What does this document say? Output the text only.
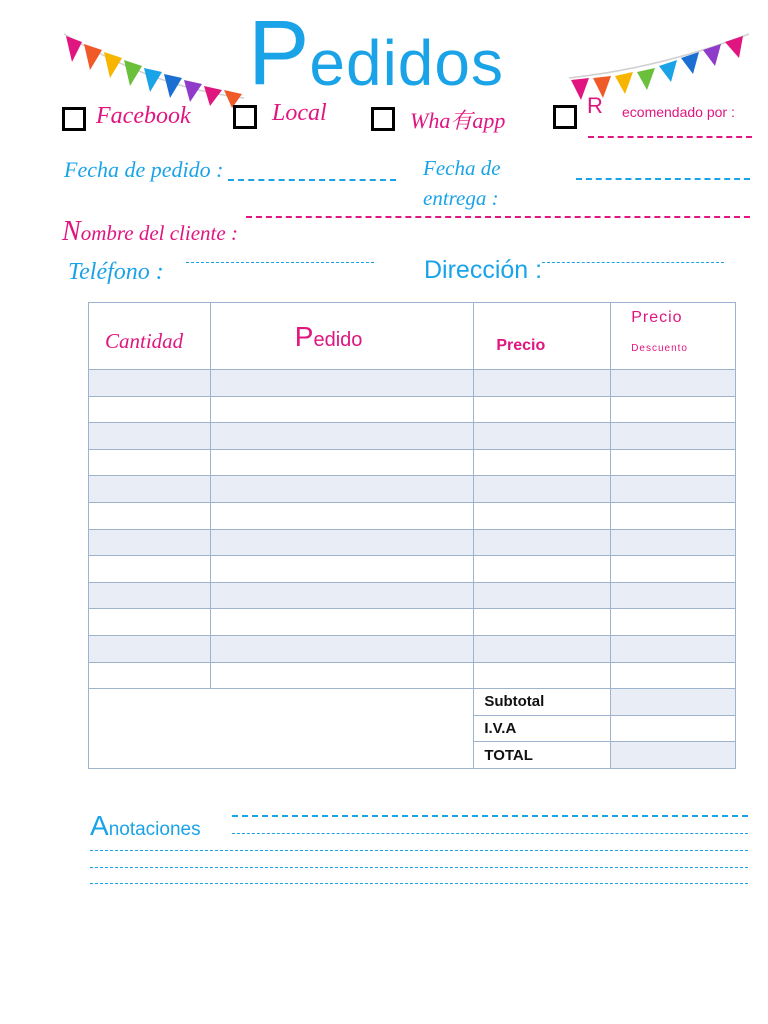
Pedidos
Facebook	Local	Wha有app
R ecomendado por :
Fecha de pedido :	Fecha de
entrega :
Nombre del cliente :
Teléfono :	Dirección :
Cantidad	Pedido	Precio	Precio
Descuento

		Subtotal	
		I.V.A	
		TOTAL	
Anotaciones
